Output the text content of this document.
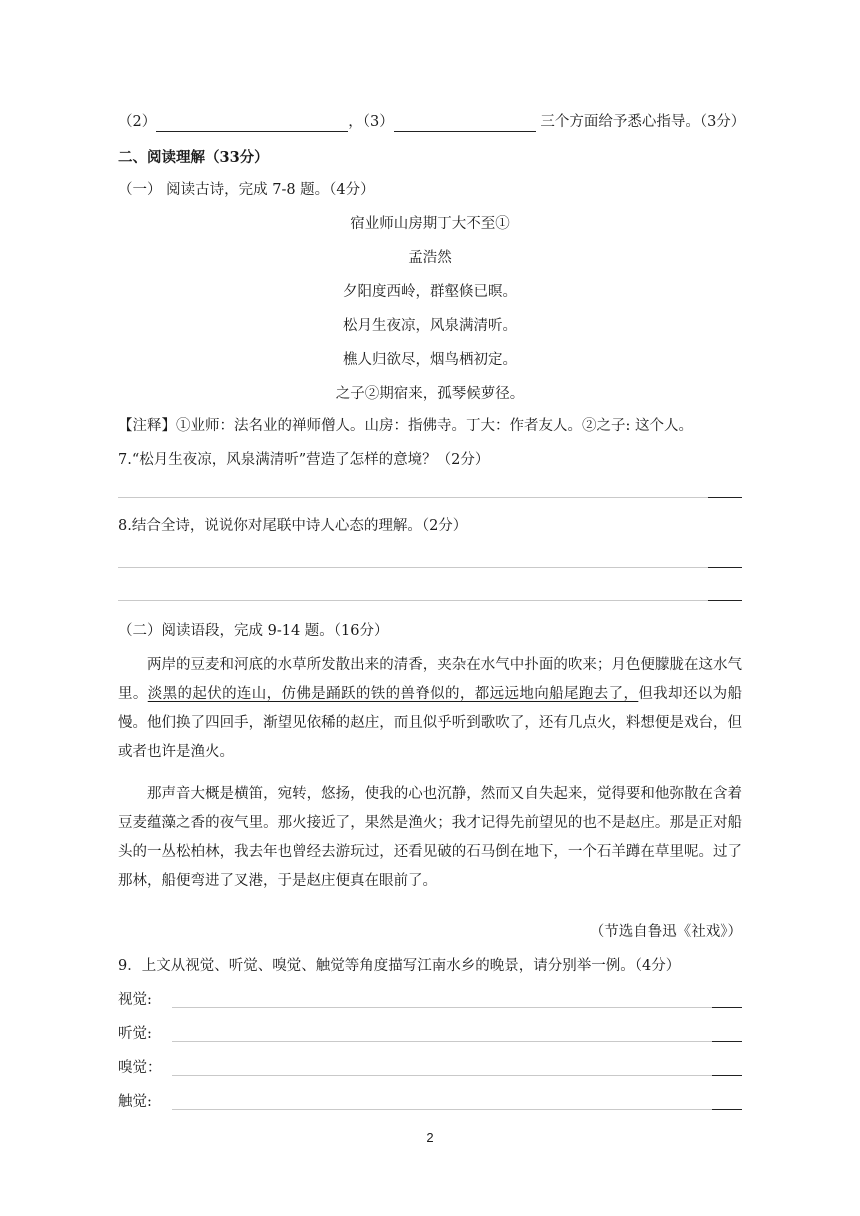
（2）	，（3）	三个方面给予悉心指导。（3分）
二、阅读理解（33分）
（一） 阅读古诗，完成 7-8 题。（4分）
宿业师山房期丁大不至①
孟浩然
夕阳度西岭，群壑倏已暝。
松月生夜凉，风泉满清听。
樵人归欲尽，烟鸟栖初定。
之子②期宿来，孤琴候萝径。
【注释】①业师：法名业的禅师僧人。山房：指佛寺。丁大：作者友人。②之子: 这个人。
7.“松月生夜凉，风泉满清听”营造了怎样的意境？（2分）
8.结合全诗，说说你对尾联中诗人心态的理解。（2分）
（二）阅读语段，完成 9-14 题。（16分）
两岸的豆麦和河底的水草所发散出来的清香，夹杂在水气中扑面的吹来；月色便朦胧在这水气里。淡黑的起伏的连山，仿佛是踊跃的铁的兽脊似的，都远远地向船尾跑去了，但我却还以为船慢。他们换了四回手，渐望见依稀的赵庄，而且似乎听到歌吹了，还有几点火，料想便是戏台，但或者也许是渔火。
那声音大概是横笛，宛转，悠扬，使我的心也沉静，然而又自失起来，觉得要和他弥散在含着豆麦蕴藻之香的夜气里。那火接近了，果然是渔火；我才记得先前望见的也不是赵庄。那是正对船头的一丛松柏林，我去年也曾经去游玩过，还看见破的石马倒在地下，一个石羊蹲在草里呢。过了那林，船便弯进了叉港，于是赵庄便真在眼前了。
（节选自鲁迅《社戏》）
9．上文从视觉、听觉、嗅觉、触觉等角度描写江南水乡的晚景，请分别举一例。（4分）
视觉:
听觉:
嗅觉：
触觉:
2
